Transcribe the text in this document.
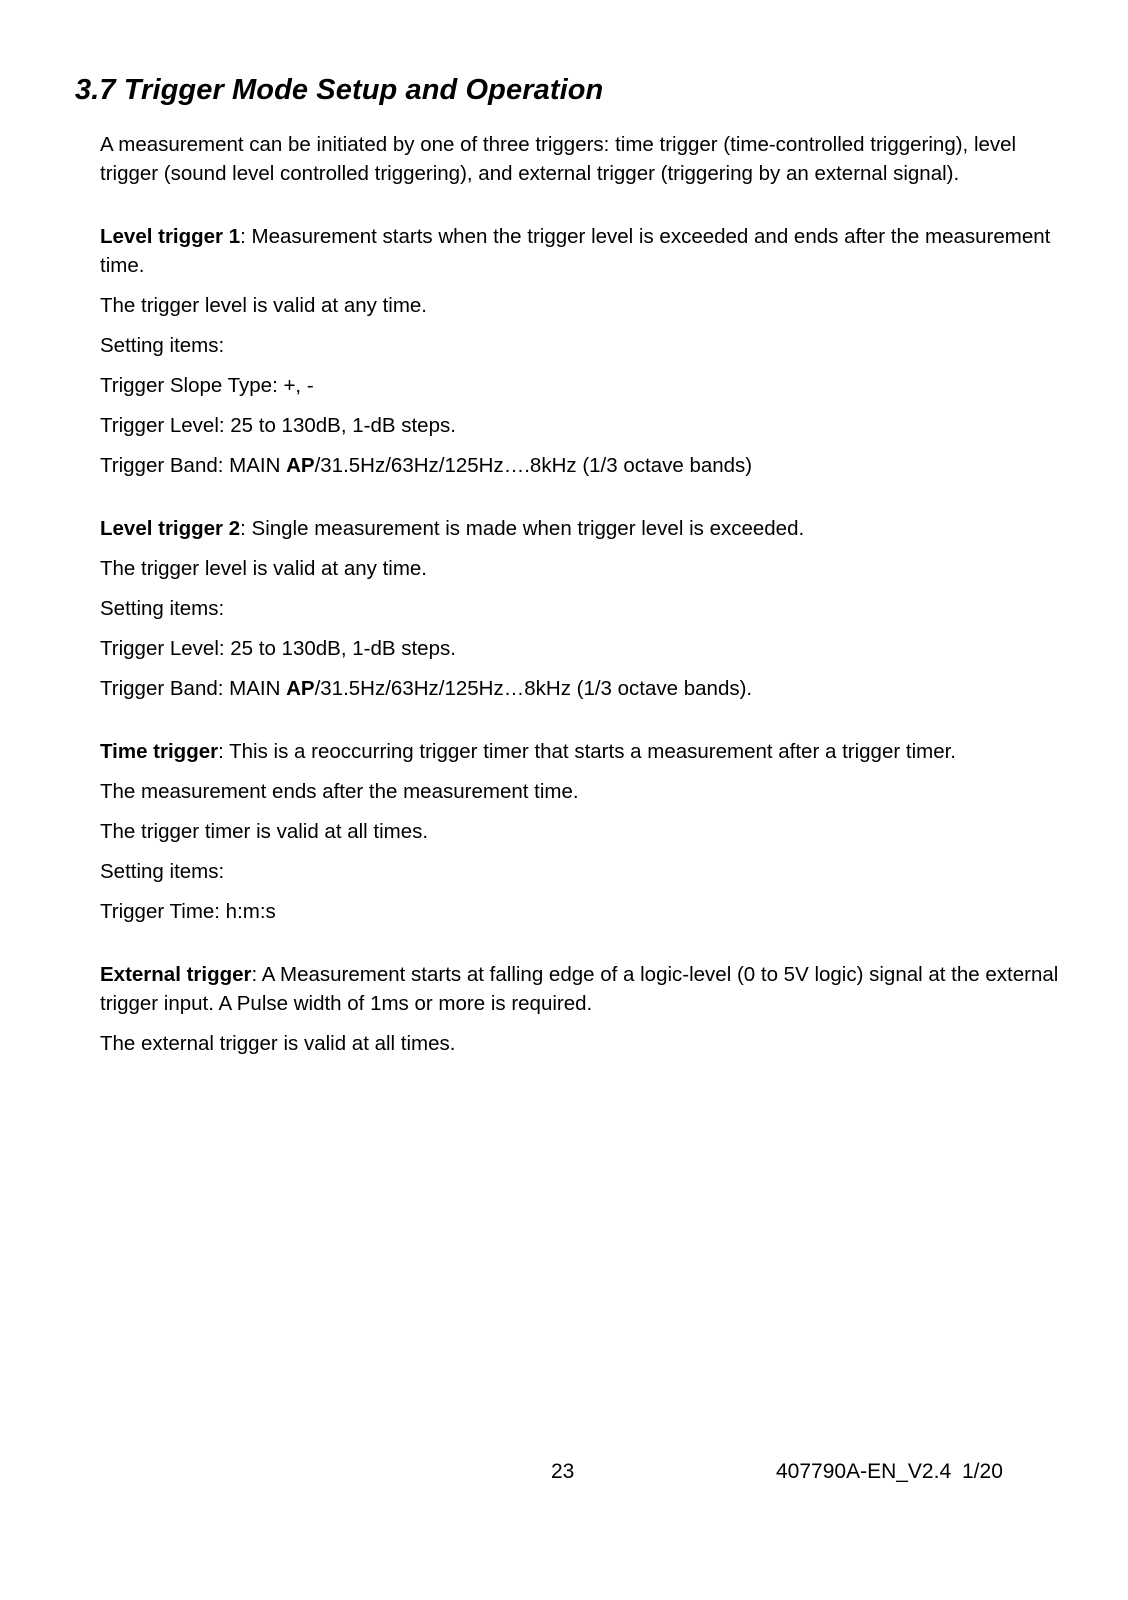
3.7 Trigger Mode Setup and Operation

A measurement can be initiated by one of three triggers: time trigger (time-controlled triggering), level trigger (sound level controlled triggering), and external trigger (triggering by an external signal).

Level trigger 1: Measurement starts when the trigger level is exceeded and ends after the measurement time.

The trigger level is valid at any time.

Setting items:

Trigger Slope Type: +, -

Trigger Level: 25 to 130dB, 1-dB steps.

Trigger Band: MAIN AP/31.5Hz/63Hz/125Hz….8kHz (1/3 octave bands)

Level trigger 2: Single measurement is made when trigger level is exceeded.

The trigger level is valid at any time.

Setting items:

Trigger Level: 25 to 130dB, 1-dB steps.

Trigger Band: MAIN AP/31.5Hz/63Hz/125Hz…8kHz (1/3 octave bands).

Time trigger: This is a reoccurring trigger timer that starts a measurement after a trigger timer.

The measurement ends after the measurement time.

The trigger timer is valid at all times.

Setting items:

Trigger Time: h:m:s

External trigger: A Measurement starts at falling edge of a logic-level (0 to 5V logic) signal at the external trigger input. A Pulse width of 1ms or more is required.

The external trigger is valid at all times.

23	407790A-EN_V2.4 1/20
